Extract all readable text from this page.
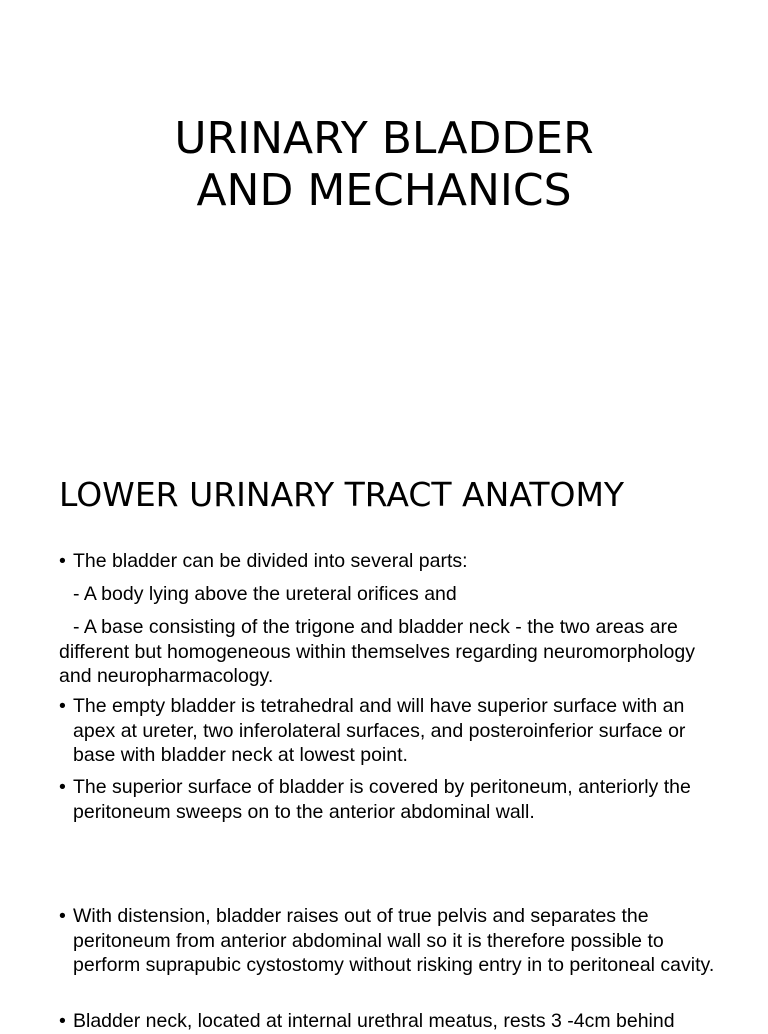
URINARY BLADDER
AND MECHANICS
LOWER URINARY TRACT ANATOMY
• The bladder can be divided into several parts:
- A body lying above the ureteral orifices and
- A base consisting of the trigone and bladder neck - the two areas are different but homogeneous within themselves regarding neuromorphology and neuropharmacology.
• The empty bladder is tetrahedral and will have superior surface with an apex at ureter, two inferolateral surfaces, and posteroinferior surface or base with bladder neck at lowest point.
• The superior surface of bladder is covered by peritoneum, anteriorly the peritoneum sweeps on to the anterior abdominal wall.
• With distension, bladder raises out of true pelvis and separates the peritoneum from anterior abdominal wall so it is therefore possible to perform suprapubic cystostomy without risking entry in to peritoneal cavity.
• Bladder neck, located at internal urethral meatus, rests 3 -4cm behind
